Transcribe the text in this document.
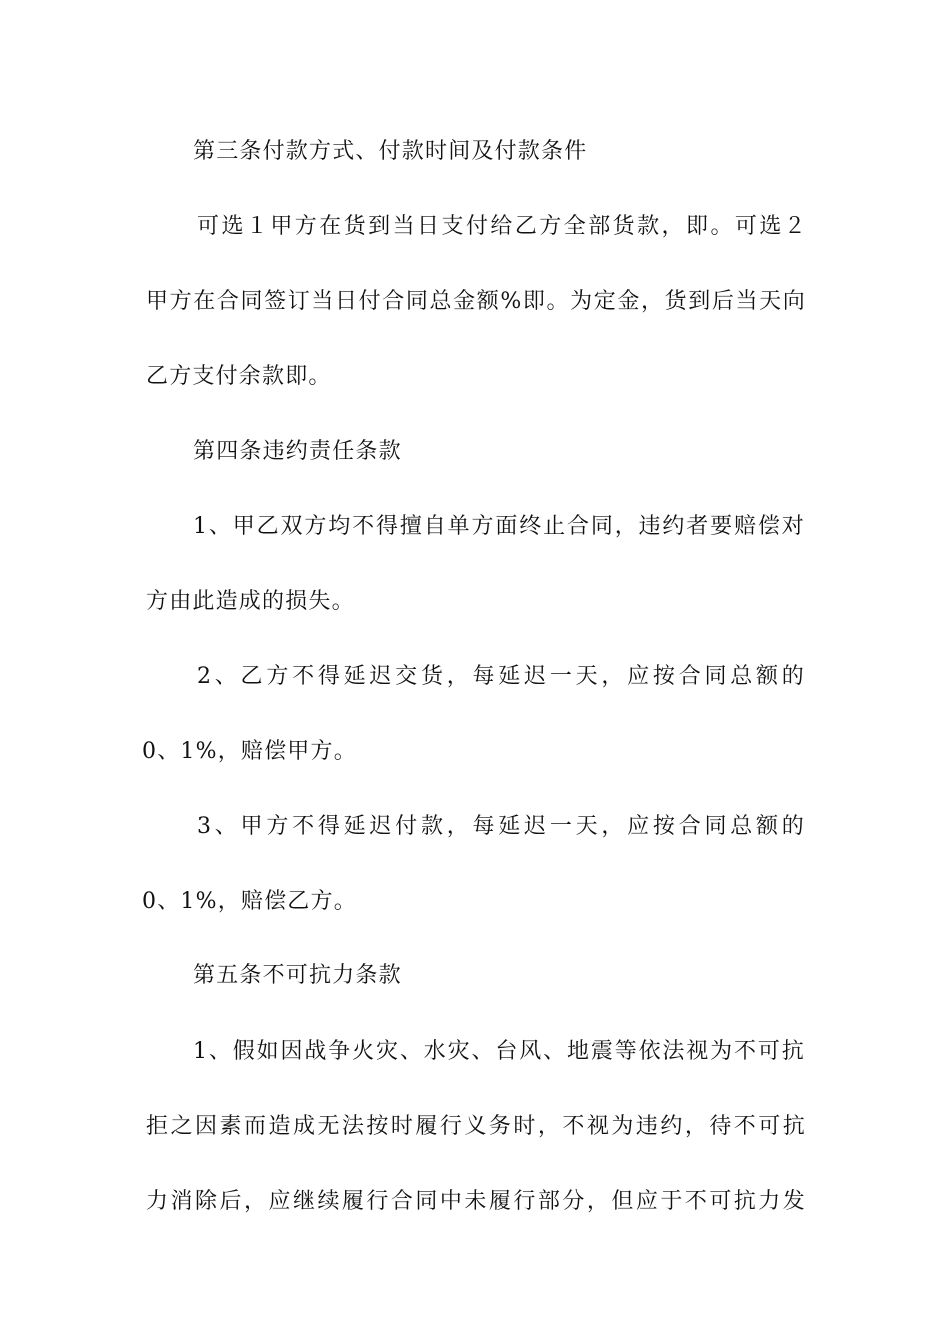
第三条付款方式、付款时间及付款条件
可选１甲方在货到当日支付给乙方全部货款，即。可选２
甲方在合同签订当日付合同总金额%即。为定金，货到后当天向
乙方支付余款即。
第四条违约责任条款
1、甲乙双方均不得擅自单方面终止合同，违约者要赔偿对
方由此造成的损失。
2、乙方不得延迟交货，每延迟一天，应按合同总额的
0、1%，赔偿甲方。
3、甲方不得延迟付款，每延迟一天，应按合同总额的
0、1%，赔偿乙方。
第五条不可抗力条款
1、假如因战争火灾、水灾、台风、地震等依法视为不可抗
拒之因素而造成无法按时履行义务时，不视为违约，待不可抗
力消除后，应继续履行合同中未履行部分，但应于不可抗力发
